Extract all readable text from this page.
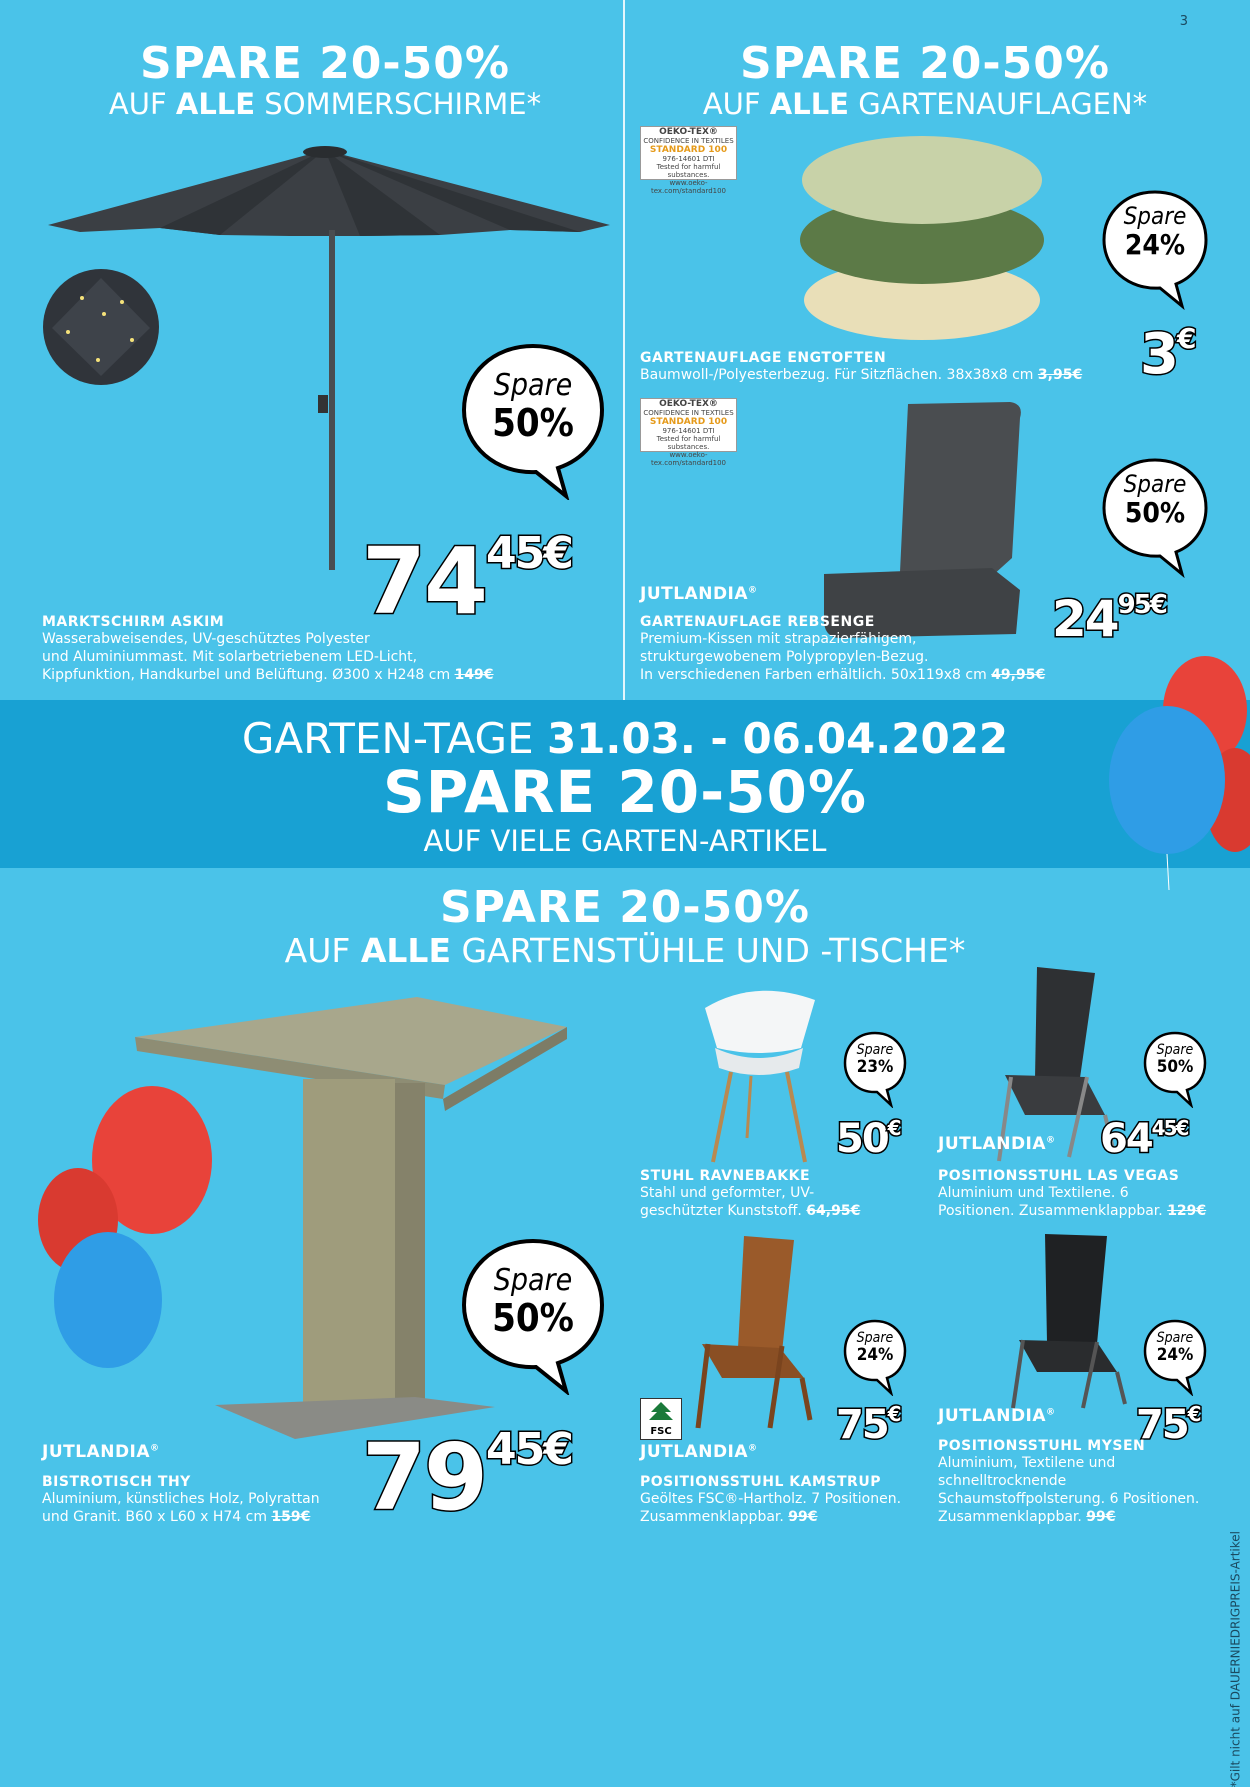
3
SPARE 20-50%
AUF ALLE SOMMERSCHIRME*
SPARE 20-50%
AUF ALLE GARTENAUFLAGEN*
Spare
50%
7445€
MARKTSCHIRM ASKIM
Wasserabweisendes, UV-geschütztes Polyester
und Aluminiummast. Mit solarbetriebenem LED-Licht,
Kippfunktion, Handkurbel und Belüftung. Ø300 x H248 cm 149€
OEKO-TEX®
CONFIDENCE IN TEXTILES
STANDARD 100
976-14601 DTI
Tested for harmful substances.
www.oeko-tex.com/standard100
OEKO-TEX®
CONFIDENCE IN TEXTILES
STANDARD 100
976-14601 DTI
Tested for harmful substances.
www.oeko-tex.com/standard100
Spare
24%
3€
GARTENAUFLAGE ENGTOFTEN
Baumwoll-/Polyesterbezug. Für Sitzflächen. 38x38x8 cm 3,95€
Spare
50%
2495€
JUTLANDIA®
GARTENAUFLAGE REBSENGE
Premium-Kissen mit strapazierfähigem,
strukturgewobenem Polypropylen-Bezug.
In verschiedenen Farben erhältlich. 50x119x8 cm 49,95€
GARTEN-TAGE 31.03. - 06.04.2022
SPARE 20-50%
AUF VIELE GARTEN-ARTIKEL
SPARE 20-50%
AUF ALLE GARTENSTÜHLE UND -TISCHE*
Spare
50%
7945€
JUTLANDIA®
BISTROTISCH THY
Aluminium, künstliches Holz, Polyrattan
und Granit. B60 x L60 x H74 cm 159€
Spare
23%
50€
STUHL RAVNEBAKKE
Stahl und geformter, UV-
geschützter Kunststoff. 64,95€
Spare
50%
6445€
JUTLANDIA®
POSITIONSSTUHL LAS VEGAS
Aluminium und Textilene. 6
Positionen. Zusammenklappbar. 129€
Spare
24%
75€
FSC
JUTLANDIA®
POSITIONSSTUHL KAMSTRUP
Geöltes FSC®-Hartholz. 7 Positionen.
Zusammenklappbar. 99€
Spare
24%
75€
JUTLANDIA®
POSITIONSSTUHL MYSEN
Aluminium, Textilene und
schnelltrocknende
Schaumstoffpolsterung. 6 Positionen.
Zusammenklappbar. 99€
*Gilt nicht auf DAUERNIEDRIGPREIS-Artikel
